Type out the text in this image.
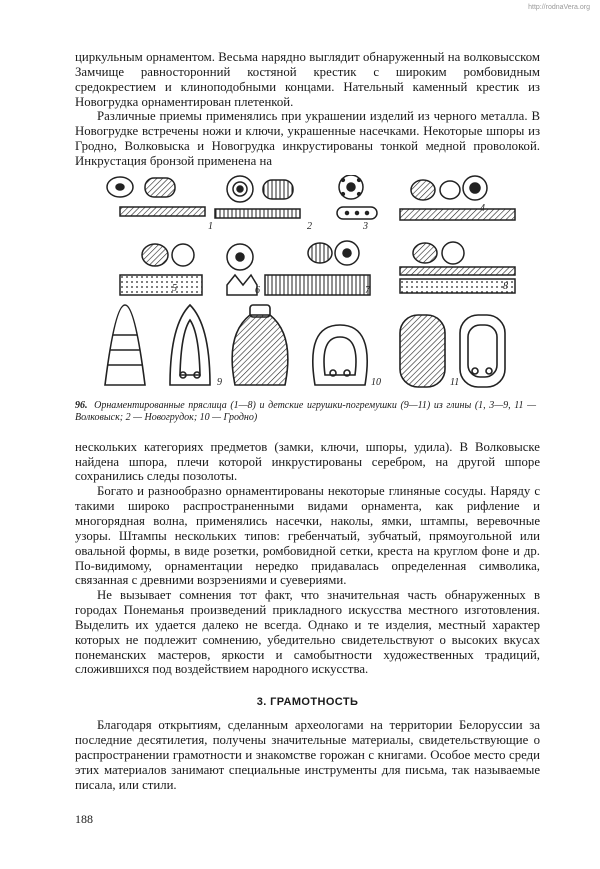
http://rodnaVera.org

циркульным орнаментом. Весьма нарядно выглядит обнаруженный на волковысском Замчище равносторонний костяной крестик с широким ромбовидным средокрестием и клиноподобными концами. Нательный каменный крестик из Новогрудка орнаментирован плетенкой.

Различные приемы применялись при украшении изделий из черного металла. В Новогрудке встречены ножи и ключи, украшенные насечками. Некоторые шпоры из Гродно, Волковыска и Новогрудка инкрустированы тонкой медной проволокой. Инкрустация бронзой применена на

1	2	3
4
5	6	7	8
9	10	11

96. Орнаментированные пряслица (1—8) и детские игрушки-погремушки (9—11) из глины (1, 3—9, 11 — Волковыск; 2 — Новогрудок; 10 — Гродно)

нескольких категориях предметов (замки, ключи, шпоры, удила). В Волковыске найдена шпора, плечи которой инкрустированы серебром, на другой шпоре сохранились следы позолоты.

Богато и разнообразно орнаментированы некоторые глиняные сосуды. Наряду с такими широко распространенными видами орнамента, как рифление и многорядная волна, применялись насечки, наколы, ямки, штампы, веревочные узоры. Штампы нескольких типов: гребенчатый, зубчатый, прямоугольной или овальной формы, в виде розетки, ромбовидной сетки, креста на круглом фоне и др. По-видимому, орнаментации нередко придавалась определенная символика, связанная с древними возрэениями и суевериями.

Не вызывает сомнения тот факт, что значительная часть обнаруженных в городах Понеманья произведений прикладного искусства местного изготовления. Выделить их удается далеко не всегда. Однако и те изделия, местный характер которых не подлежит сомнению, убедительно свидетельствуют о высоких вкусах понеманских мастеров, яркости и самобытности художественных традиций, сложившихся под воздействием народного искусства.

3. ГРАМОТНОСТЬ

Благодаря открытиям, сделанным археологами на территории Белоруссии за последние десятилетия, получены значительные материалы, свидетельствующие о распространении грамотности и знакомстве горожан с книгами. Особое место среди этих материалов занимают специальные инструменты для письма, так называемые писала, или стили.

188
